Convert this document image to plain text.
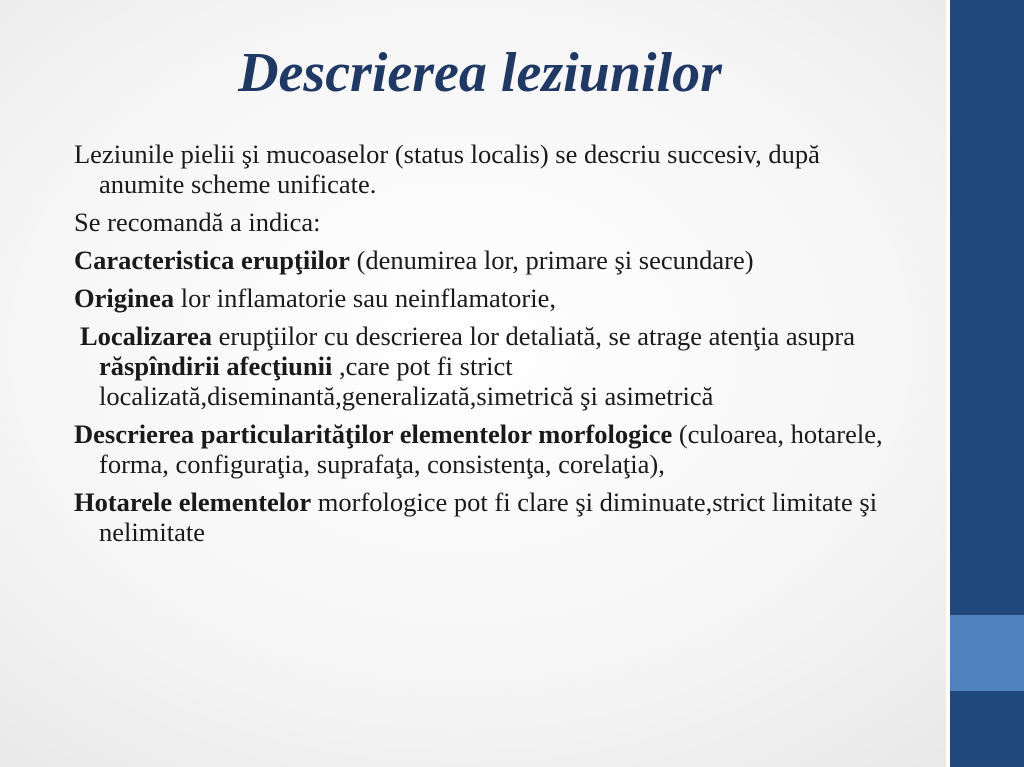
Descrierea leziunilor

Leziunile pielii şi mucoaselor (status localis) se descriu succesiv, după anumite scheme unificate.

Se recomandă a indica:

Caracteristica erupţiilor (denumirea lor, primare şi secundare)

Originea lor inflamatorie sau neinflamatorie,

Localizarea erupţiilor cu descrierea lor detaliată, se atrage atenţia asupra răspîndirii afecţiunii ,care pot fi strict localizată,diseminantă,generalizată,simetrică şi asimetrică

Descrierea particularităţilor elementelor morfologice (culoarea, hotarele, forma, configuraţia, suprafaţa, consistenţa, corelaţia),

Hotarele elementelor morfologice pot fi clare şi diminuate,strict limitate şi nelimitate
